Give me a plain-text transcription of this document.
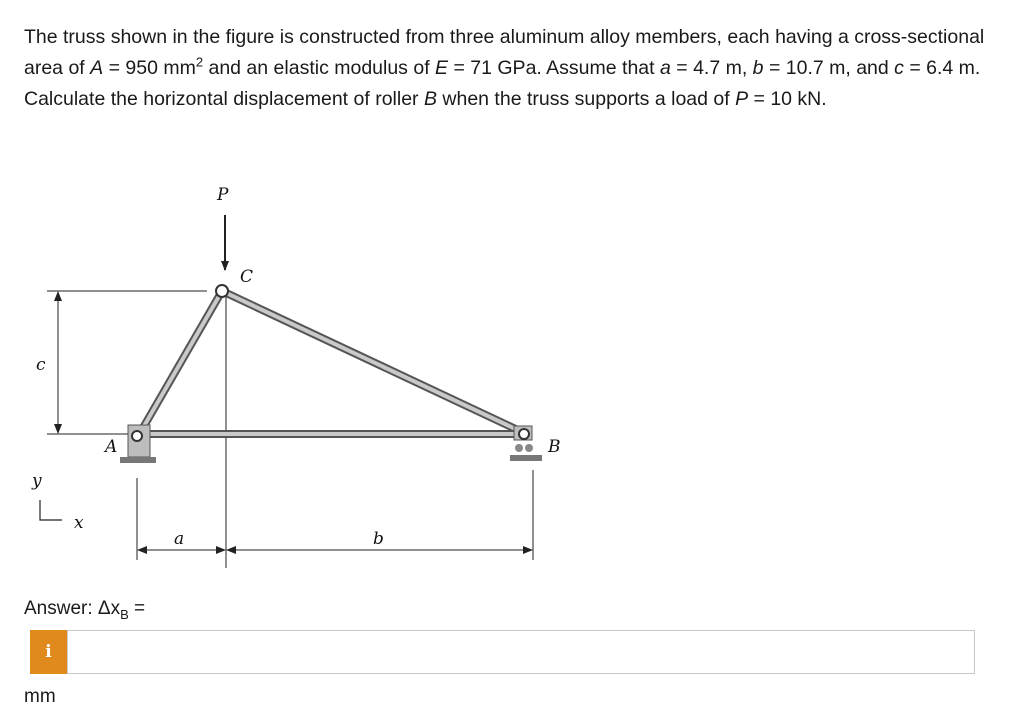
The truss shown in the figure is constructed from three aluminum alloy members, each having a cross-sectional area of A = 950 $mm^2$ and an elastic modulus of E = 71 GPa. Assume that a = 4.7 m, b = 10.7 m, and c = 6.4 m. Calculate the horizontal displacement of roller B when the truss supports a load of P = 10 kN.
c
P
C
A	B
a	b
y
x
Answer: $\Delta x_B$ =
i
mm
